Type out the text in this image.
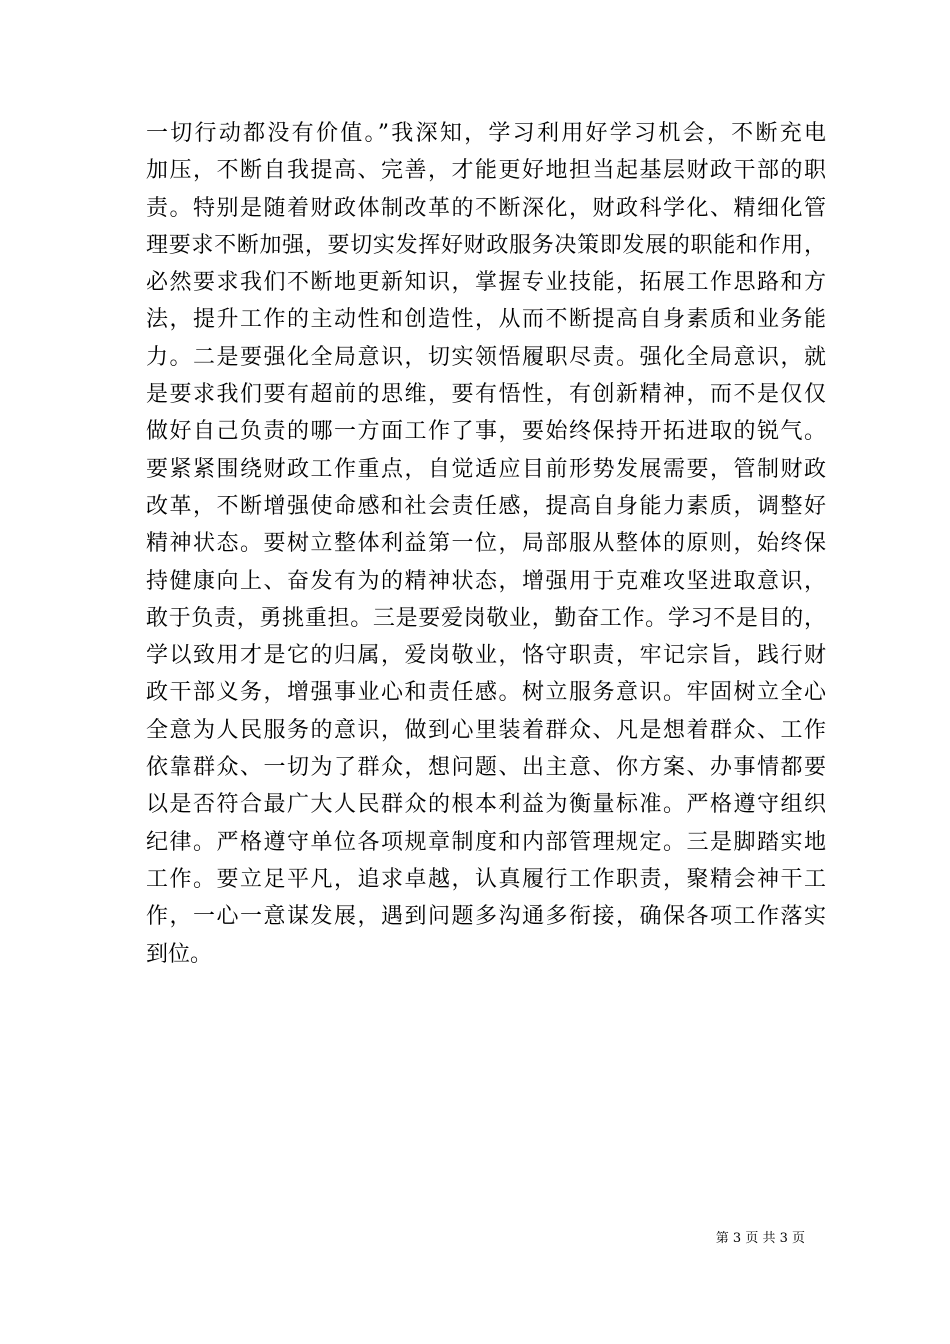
一切行动都没有价值。”我深知，学习利用好学习机会，不断充电
加压，不断自我提高、完善，才能更好地担当起基层财政干部的职
责。特别是随着财政体制改革的不断深化，财政科学化、精细化管
理要求不断加强，要切实发挥好财政服务决策即发展的职能和作用，
必然要求我们不断地更新知识，掌握专业技能，拓展工作思路和方
法，提升工作的主动性和创造性，从而不断提高自身素质和业务能
力。二是要强化全局意识，切实领悟履职尽责。强化全局意识，就
是要求我们要有超前的思维，要有悟性，有创新精神，而不是仅仅
做好自己负责的哪一方面工作了事，要始终保持开拓进取的锐气。
要紧紧围绕财政工作重点，自觉适应目前形势发展需要，管制财政
改革，不断增强使命感和社会责任感，提高自身能力素质，调整好
精神状态。要树立整体利益第一位，局部服从整体的原则，始终保
持健康向上、奋发有为的精神状态，增强用于克难攻坚进取意识，
敢于负责，勇挑重担。三是要爱岗敬业，勤奋工作。学习不是目的，
学以致用才是它的归属，爱岗敬业，恪守职责，牢记宗旨，践行财
政干部义务，增强事业心和责任感。树立服务意识。牢固树立全心
全意为人民服务的意识，做到心里装着群众、凡是想着群众、工作
依靠群众、一切为了群众，想问题、出主意、你方案、办事情都要
以是否符合最广大人民群众的根本利益为衡量标准。严格遵守组织
纪律。严格遵守单位各项规章制度和内部管理规定。三是脚踏实地
工作。要立足平凡，追求卓越，认真履行工作职责，聚精会神干工
作，一心一意谋发展，遇到问题多沟通多衔接，确保各项工作落实
到位。
第 3 页 共 3 页
